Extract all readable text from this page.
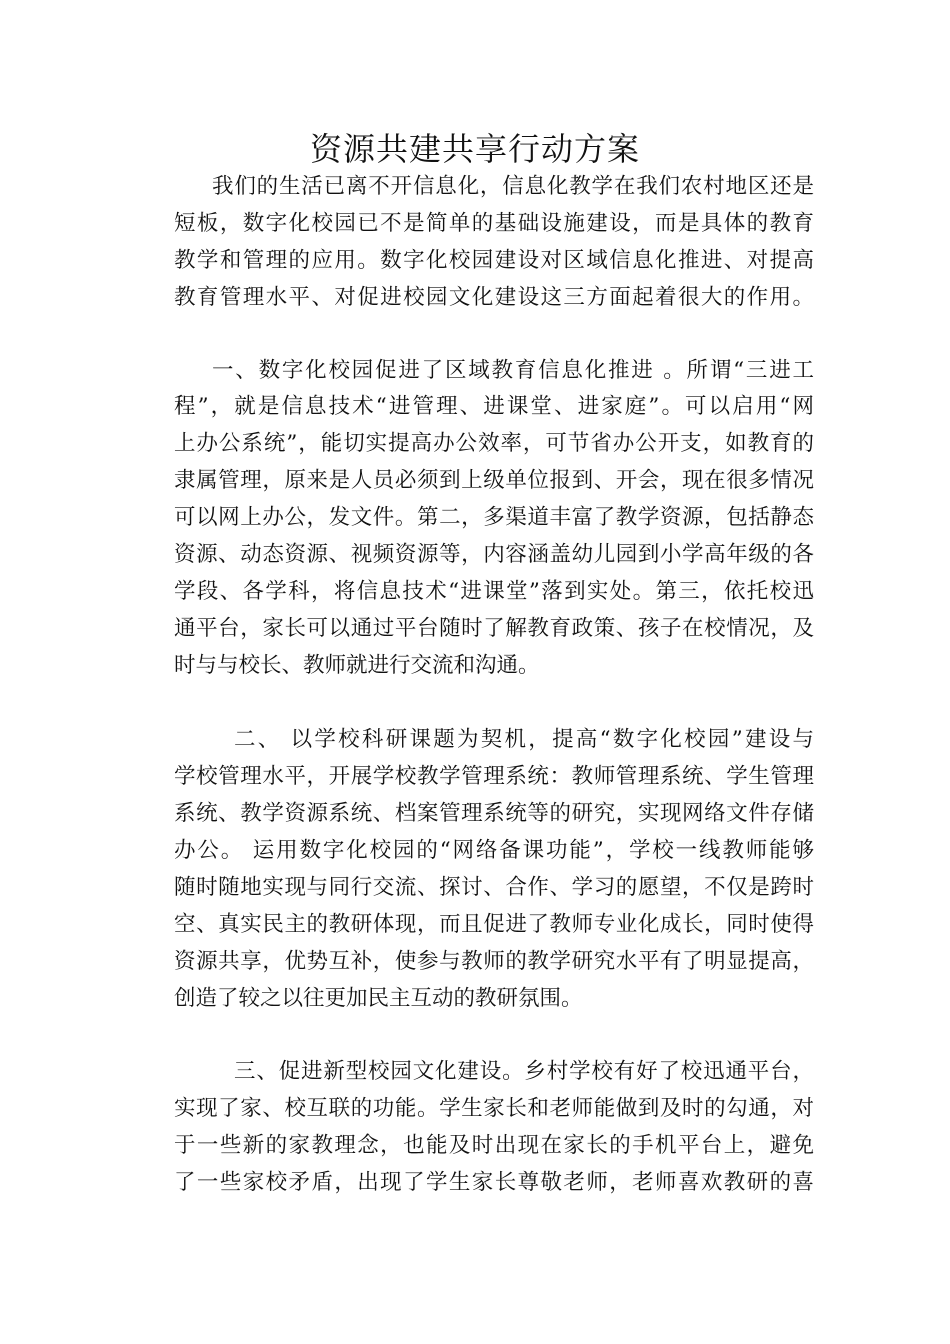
资源共建共享行动方案
我们的生活已离不开信息化，信息化教学在我们农村地区还是
短板，数字化校园已不是简单的基础设施建设，而是具体的教育
教学和管理的应用。数字化校园建设对区域信息化推进、对提高
教育管理水平、对促进校园文化建设这三方面起着很大的作用。
一、数字化校园促进了区域教育信息化推进 。所谓“三进工
程”，就是信息技术“进管理、进课堂、进家庭”。可以启用“网
上办公系统”，能切实提高办公效率，可节省办公开支，如教育的
隶属管理，原来是人员必须到上级单位报到、开会，现在很多情况
可以网上办公，发文件。第二，多渠道丰富了教学资源，包括静态
资源、动态资源、视频资源等，内容涵盖幼儿园到小学高年级的各
学段、各学科，将信息技术“进课堂”落到实处。第三，依托校迅
通平台，家长可以通过平台随时了解教育政策、孩子在校情况，及
时与与校长、教师就进行交流和沟通。
二、 以学校科研课题为契机，提高“数字化校园”建设与
学校管理水平，开展学校教学管理系统：教师管理系统、学生管理
系统、教学资源系统、档案管理系统等的研究，实现网络文件存储
办公。 运用数字化校园的“网络备课功能”，学校一线教师能够
随时随地实现与同行交流、探讨、合作、学习的愿望，不仅是跨时
空、真实民主的教研体现，而且促进了教师专业化成长，同时使得
资源共享，优势互补，使参与教师的教学研究水平有了明显提高，
创造了较之以往更加民主互动的教研氛围。
三、促进新型校园文化建设。乡村学校有好了校迅通平台，
实现了家、校互联的功能。学生家长和老师能做到及时的勾通，对
于一些新的家教理念，也能及时出现在家长的手机平台上，避免
了一些家校矛盾，出现了学生家长尊敬老师，老师喜欢教研的喜
